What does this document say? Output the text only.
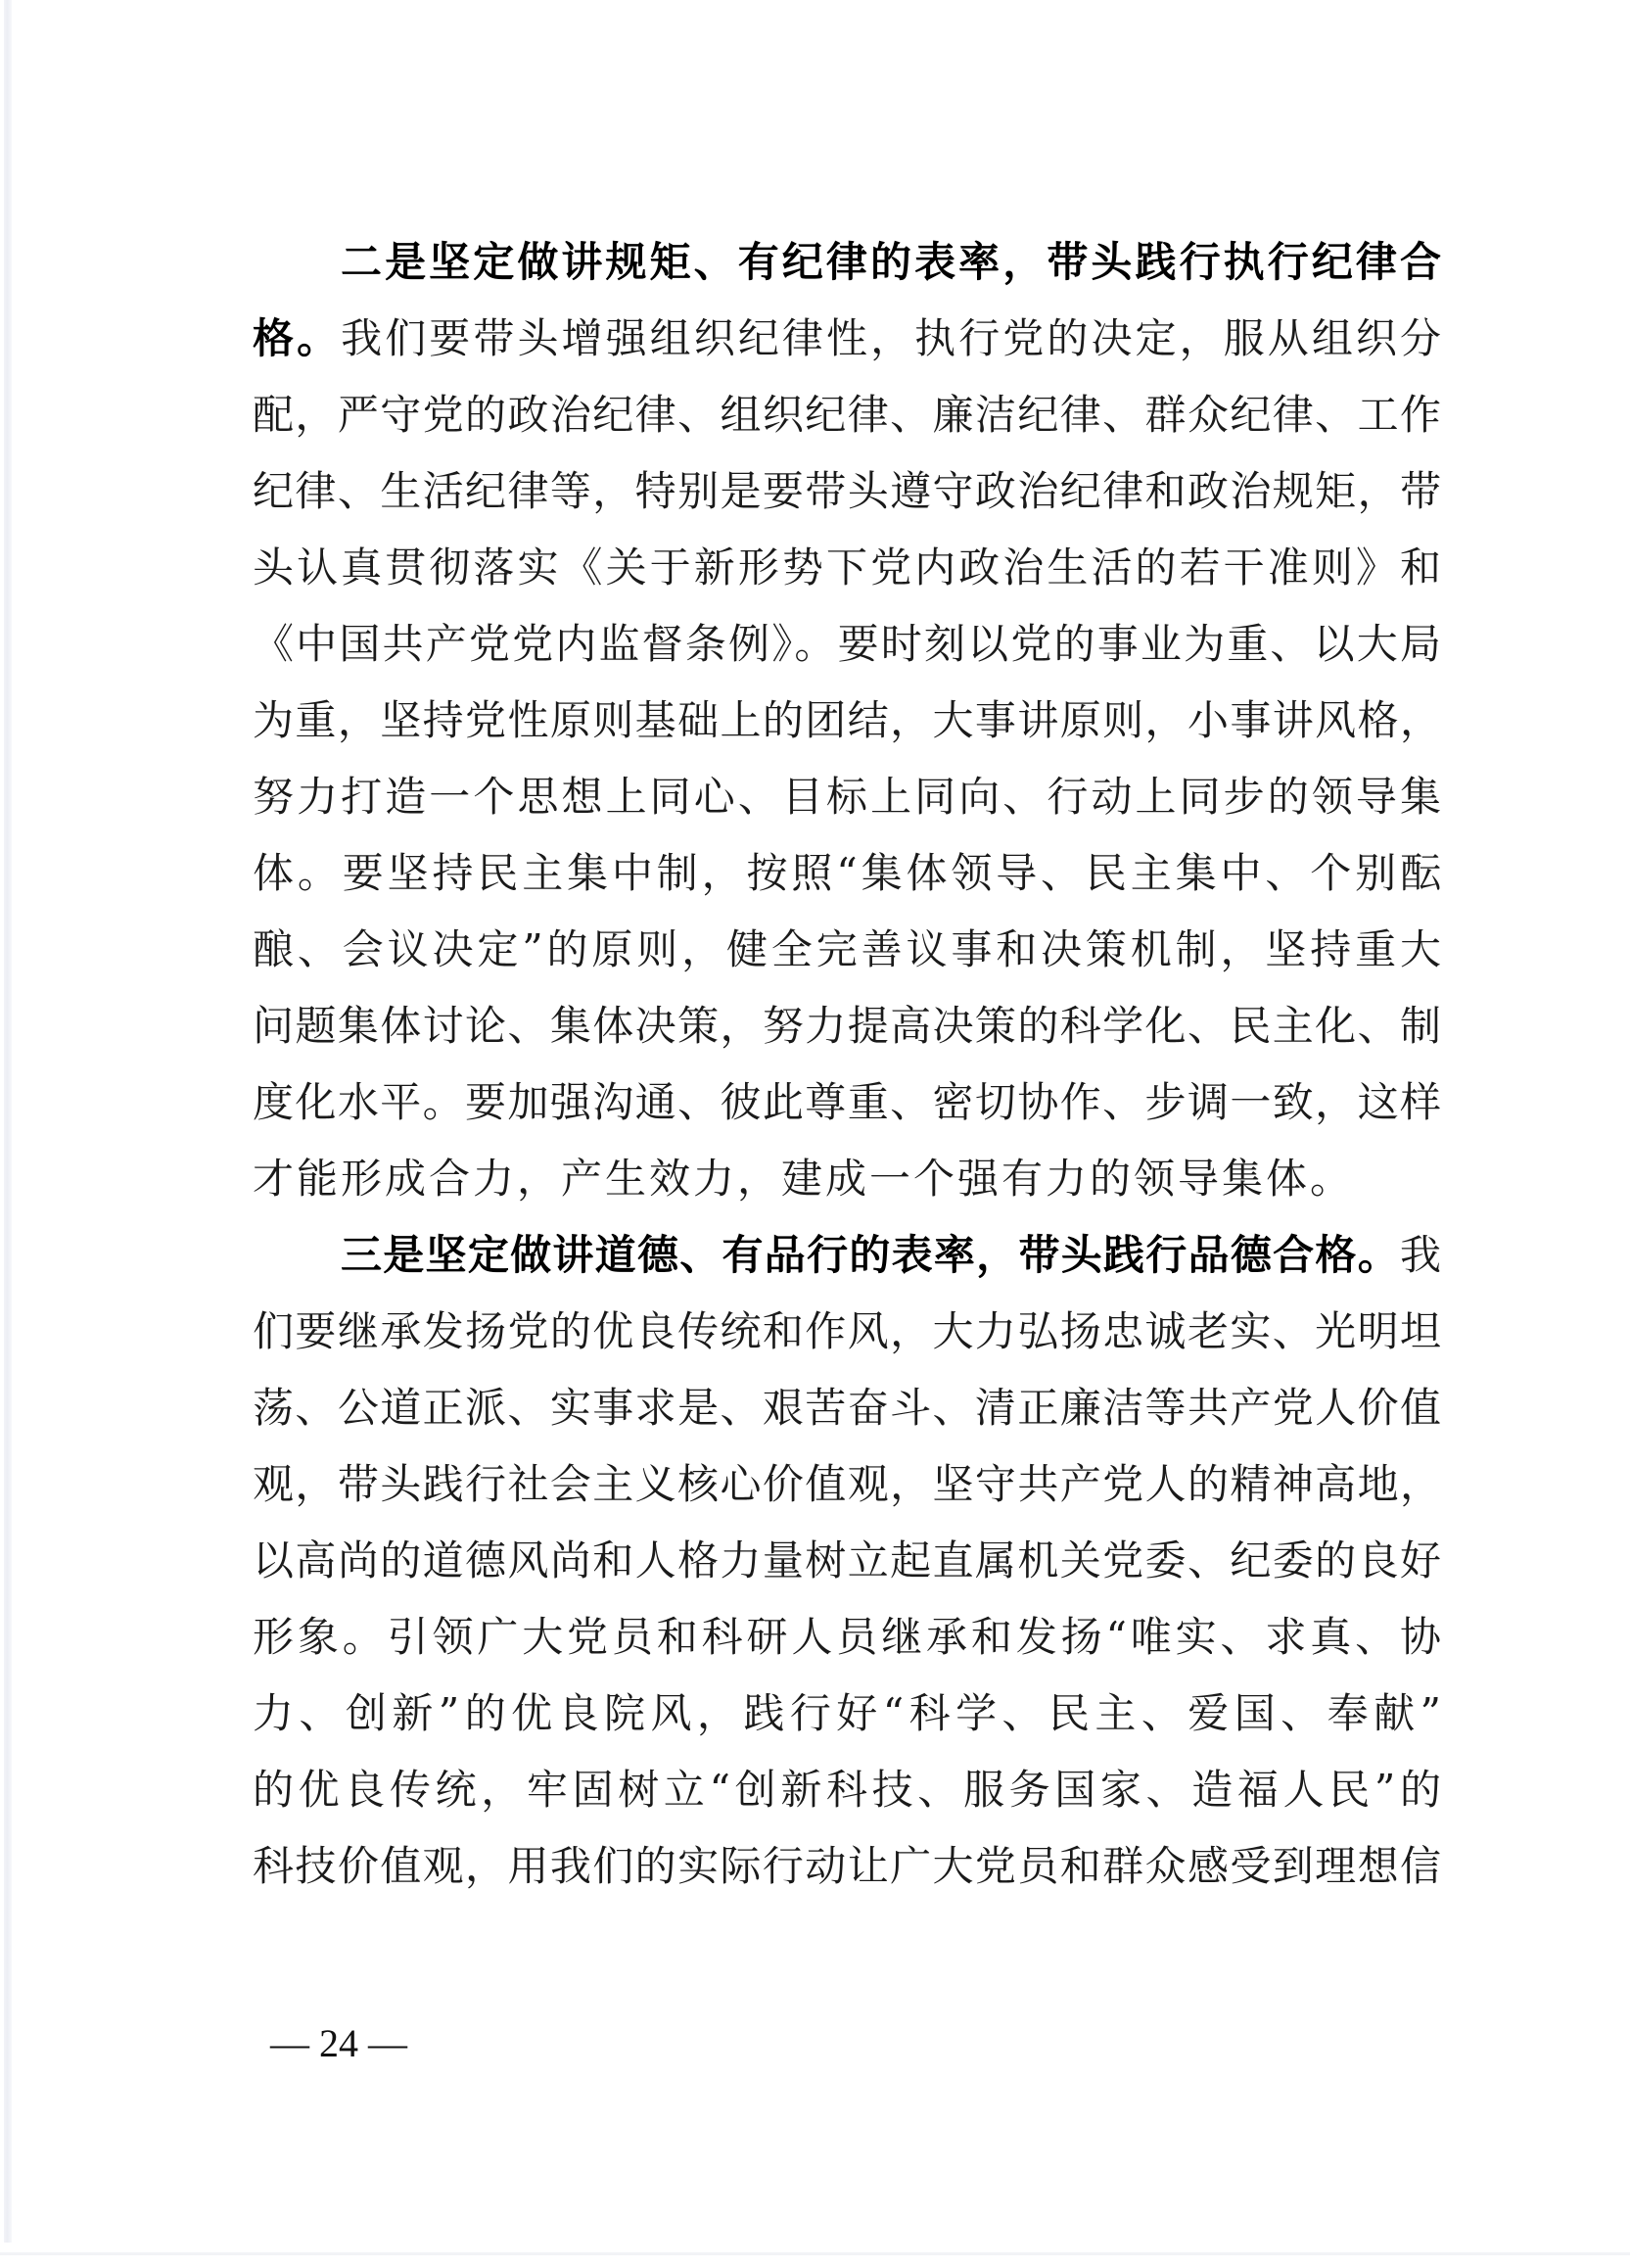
二是坚定做讲规矩、有纪律的表率，带头践行执行纪律合
格。我们要带头增强组织纪律性，执行党的决定，服从组织分
配，严守党的政治纪律、组织纪律、廉洁纪律、群众纪律、工作
纪律、生活纪律等，特别是要带头遵守政治纪律和政治规矩，带
头认真贯彻落实《关于新形势下党内政治生活的若干准则》和
《中国共产党党内监督条例》。要时刻以党的事业为重、以大局
为重，坚持党性原则基础上的团结，大事讲原则，小事讲风格，
努力打造一个思想上同心、目标上同向、行动上同步的领导集
体。要坚持民主集中制，按照“集体领导、民主集中、个别酝
酿、会议决定”的原则，健全完善议事和决策机制，坚持重大
问题集体讨论、集体决策，努力提高决策的科学化、民主化、制
度化水平。要加强沟通、彼此尊重、密切协作、步调一致，这样
才能形成合力，产生效力，建成一个强有力的领导集体。
三是坚定做讲道德、有品行的表率，带头践行品德合格。我
们要继承发扬党的优良传统和作风，大力弘扬忠诚老实、光明坦
荡、公道正派、实事求是、艰苦奋斗、清正廉洁等共产党人价值
观，带头践行社会主义核心价值观，坚守共产党人的精神高地，
以高尚的道德风尚和人格力量树立起直属机关党委、纪委的良好
形象。引领广大党员和科研人员继承和发扬“唯实、求真、协
力、创新”的优良院风，践行好“科学、民主、爱国、奉献”
的优良传统，牢固树立“创新科技、服务国家、造福人民”的
科技价值观，用我们的实际行动让广大党员和群众感受到理想信
— 24 —
